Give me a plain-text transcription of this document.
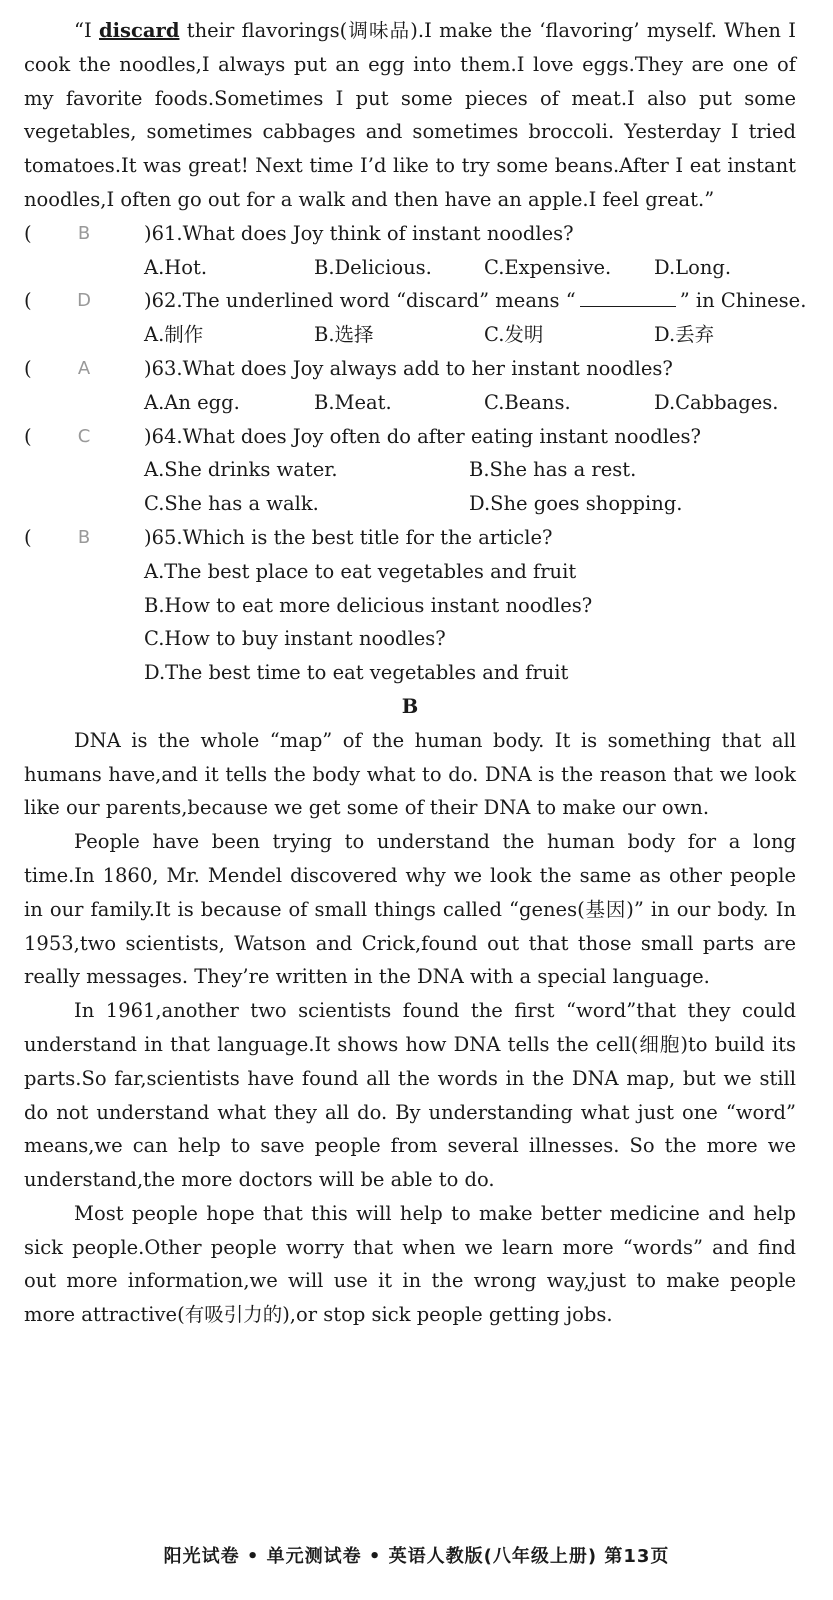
“I discard their flavorings(调味品).I make the ‘flavoring’ myself. When I cook the noodles,I always put an egg into them.I love eggs.They are one of my favorite foods.Sometimes I put some pieces of meat.I also put some vegetables, sometimes cabbages and sometimes broccoli. Yesterday I tried tomatoes.It was great! Next time I’d like to try some beans.After I eat instant noodles,I often go out for a walk and then have an apple.I feel great.”

(	B	)61.What does Joy think of instant noodles?
A.Hot.	B.Delicious.	C.Expensive.	D.Long.
(	D	)62.The underlined word “discard” means “	” in Chinese.
A.制作	B.选择	C.发明	D.丢弃
(	A	)63.What does Joy always add to her instant noodles?
A.An egg.	B.Meat.	C.Beans.	D.Cabbages.
(	C	)64.What does Joy often do after eating instant noodles?
A.She drinks water.	B.She has a rest.
C.She has a walk.	D.She goes shopping.
(	B	)65.Which is the best title for the article?
A.The best place to eat vegetables and fruit
B.How to eat more delicious instant noodles?
C.How to buy instant noodles?
D.The best time to eat vegetables and fruit

B

DNA is the whole “map” of the human body. It is something that all humans have,and it tells the body what to do. DNA is the reason that we look like our parents,because we get some of their DNA to make our own.

People have been trying to understand the human body for a long time.In 1860, Mr. Mendel discovered why we look the same as other people in our family.It is because of small things called “genes(基因)” in our body. In 1953,two scientists, Watson and Crick,found out that those small parts are really messages. They’re written in the DNA with a special language.

In 1961,another two scientists found the first “word”that they could understand in that language.It shows how DNA tells the cell(细胞)to build its parts.So far,scientists have found all the words in the DNA map, but we still do not understand what they all do. By understanding what just one “word” means,we can help to save people from several illnesses. So the more we understand,the more doctors will be able to do.

Most people hope that this will help to make better medicine and help sick people.Other people worry that when we learn more “words” and find out more information,we will use it in the wrong way,just to make people more attractive(有吸引力的),or stop sick people getting jobs.

阳光试卷 • 单元测试卷 • 英语人教版(八年级上册) 第13页
